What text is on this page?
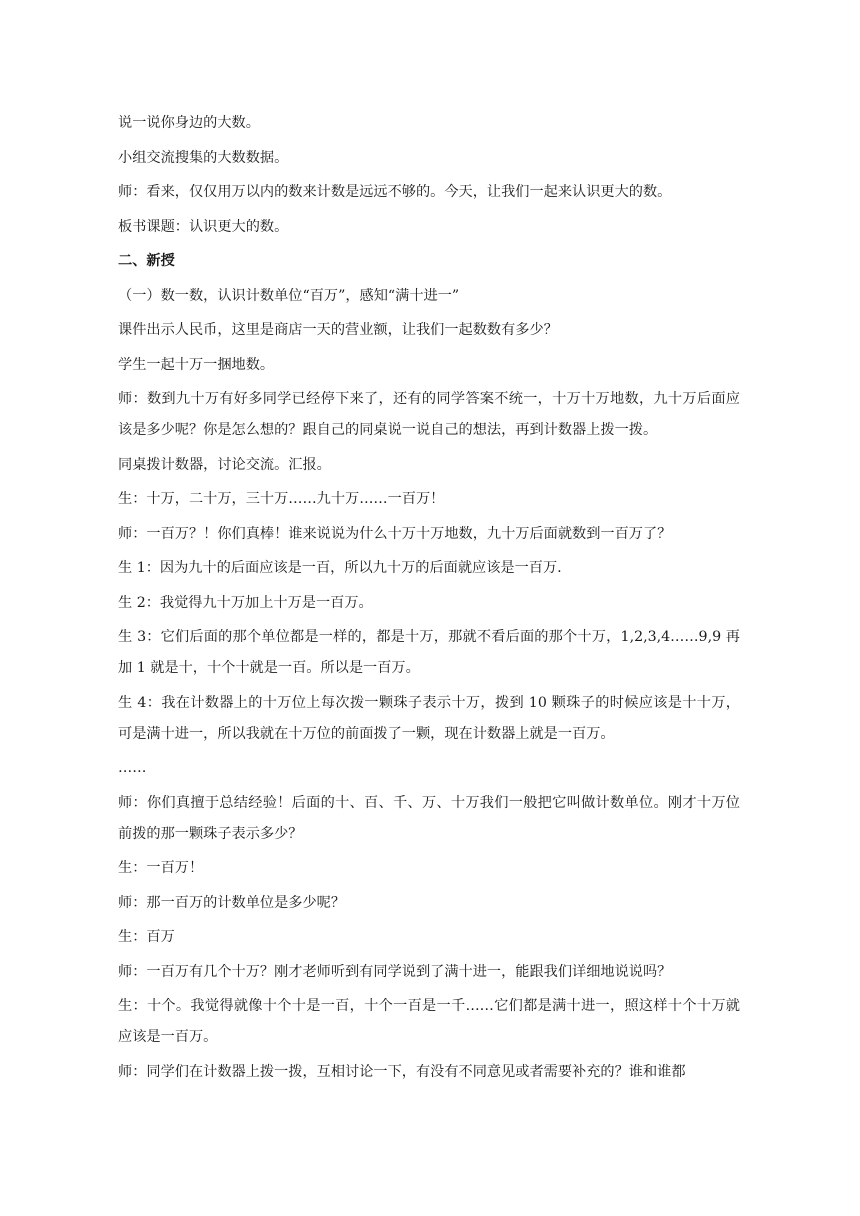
说一说你身边的大数。

小组交流搜集的大数数据。

师：看来，仅仅用万以内的数来计数是远远不够的。今天，让我们一起来认识更大的数。

板书课题：认识更大的数。

二、新授

（一）数一数，认识计数单位“百万”，感知“满十进一”

课件出示人民币，这里是商店一天的营业额，让我们一起数数有多少？

学生一起十万一捆地数。

师：数到九十万有好多同学已经停下来了，还有的同学答案不统一，十万十万地数，九十万后面应该是多少呢？你是怎么想的？跟自己的同桌说一说自己的想法，再到计数器上拨一拨。

同桌拨计数器，讨论交流。汇报。

生：十万，二十万，三十万……九十万……一百万！

师：一百万？！你们真棒！谁来说说为什么十万十万地数，九十万后面就数到一百万了？

生 1：因为九十的后面应该是一百，所以九十万的后面就应该是一百万.

生 2：我觉得九十万加上十万是一百万。

生 3：它们后面的那个单位都是一样的，都是十万，那就不看后面的那个十万，1,2,3,4……9,9 再加 1 就是十，十个十就是一百。所以是一百万。

生 4：我在计数器上的十万位上每次拨一颗珠子表示十万，拨到 10 颗珠子的时候应该是十十万，可是满十进一，所以我就在十万位的前面拨了一颗，现在计数器上就是一百万。

……

师：你们真擅于总结经验！后面的十、百、千、万、十万我们一般把它叫做计数单位。刚才十万位前拨的那一颗珠子表示多少？

生：一百万！

师：那一百万的计数单位是多少呢？

生：百万

师：一百万有几个十万？刚才老师听到有同学说到了满十进一，能跟我们详细地说说吗？

生：十个。我觉得就像十个十是一百，十个一百是一千……它们都是满十进一，照这样十个十万就应该是一百万。

师：同学们在计数器上拨一拨，互相讨论一下，有没有不同意见或者需要补充的？谁和谁都
